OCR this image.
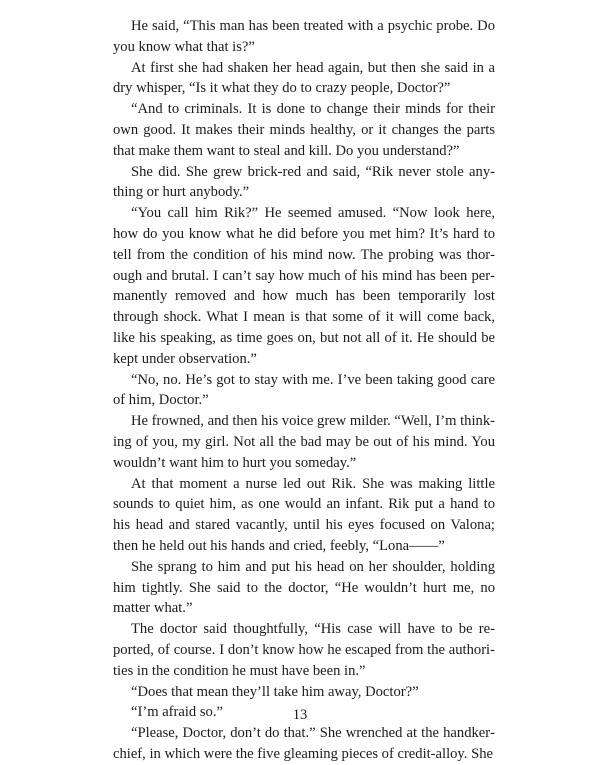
He said, “This man has been treated with a psychic probe. Do you know what that is?”

At first she had shaken her head again, but then she said in a dry whisper, “Is it what they do to crazy people, Doctor?”

“And to criminals. It is done to change their minds for their own good. It makes their minds healthy, or it changes the parts that make them want to steal and kill. Do you understand?”

She did. She grew brick-red and said, “Rik never stole anything or hurt anybody.”

“You call him Rik?” He seemed amused. “Now look here, how do you know what he did before you met him? It’s hard to tell from the condition of his mind now. The probing was thorough and brutal. I can’t say how much of his mind has been permanently removed and how much has been temporarily lost through shock. What I mean is that some of it will come back, like his speaking, as time goes on, but not all of it. He should be kept under observation.”

“No, no. He’s got to stay with me. I’ve been taking good care of him, Doctor.”

He frowned, and then his voice grew milder. “Well, I’m thinking of you, my girl. Not all the bad may be out of his mind. You wouldn’t want him to hurt you someday.”

At that moment a nurse led out Rik. She was making little sounds to quiet him, as one would an infant. Rik put a hand to his head and stared vacantly, until his eyes focused on Valona; then he held out his hands and cried, feebly, “Lona——”

She sprang to him and put his head on her shoulder, holding him tightly. She said to the doctor, “He wouldn’t hurt me, no matter what.”

The doctor said thoughtfully, “His case will have to be reported, of course. I don’t know how he escaped from the authorities in the condition he must have been in.”

“Does that mean they’ll take him away, Doctor?”

“I’m afraid so.”

“Please, Doctor, don’t do that.” She wrenched at the handkerchief, in which were the five gleaming pieces of credit-alloy. She

13
